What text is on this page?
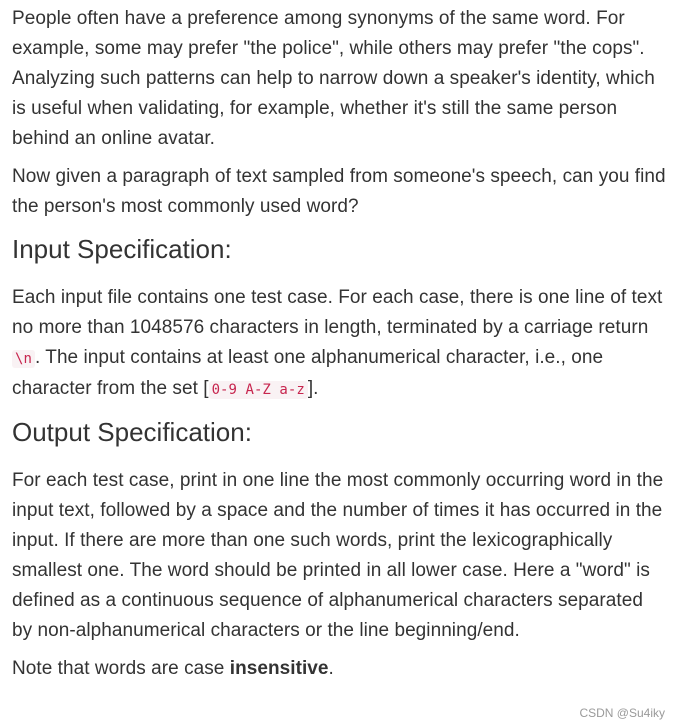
People often have a preference among synonyms of the same word. For example, some may prefer "the police", while others may prefer "the cops". Analyzing such patterns can help to narrow down a speaker's identity, which is useful when validating, for example, whether it's still the same person behind an online avatar.

Now given a paragraph of text sampled from someone's speech, can you find the person's most commonly used word?

Input Specification:

Each input file contains one test case. For each case, there is one line of text no more than 1048576 characters in length, terminated by a carriage return \n . The input contains at least one alphanumerical character, i.e., one character from the set [ 0-9 A-Z a-z ].

Output Specification:

For each test case, print in one line the most commonly occurring word in the input text, followed by a space and the number of times it has occurred in the input. If there are more than one such words, print the lexicographically smallest one. The word should be printed in all lower case. Here a "word" is defined as a continuous sequence of alphanumerical characters separated by non-alphanumerical characters or the line beginning/end.

Note that words are case insensitive.

CSDN @Su4iky
